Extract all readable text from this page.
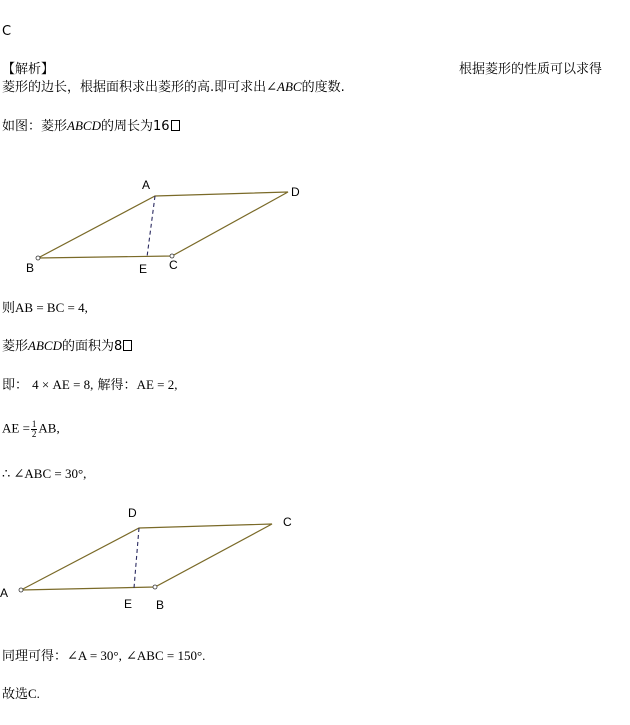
C
【解析】	根据菱形的性质可以求得
菱形的边长，根据面积求出菱形的高.即可求出∠ABC的度数.
如图：菱形ABCD的周长为16
A	D
B	E C
则AB = BC = 4,
菱形ABCD的面积为8
即： 4 × AE = 8, 解得：AE = 2,
AE = $\frac{1}{2}$ AB,
∴ ∠ABC = 30°,
D
C
A
E B
同理可得：∠A = 30°, ∠ABC = 150°.
故选C.
